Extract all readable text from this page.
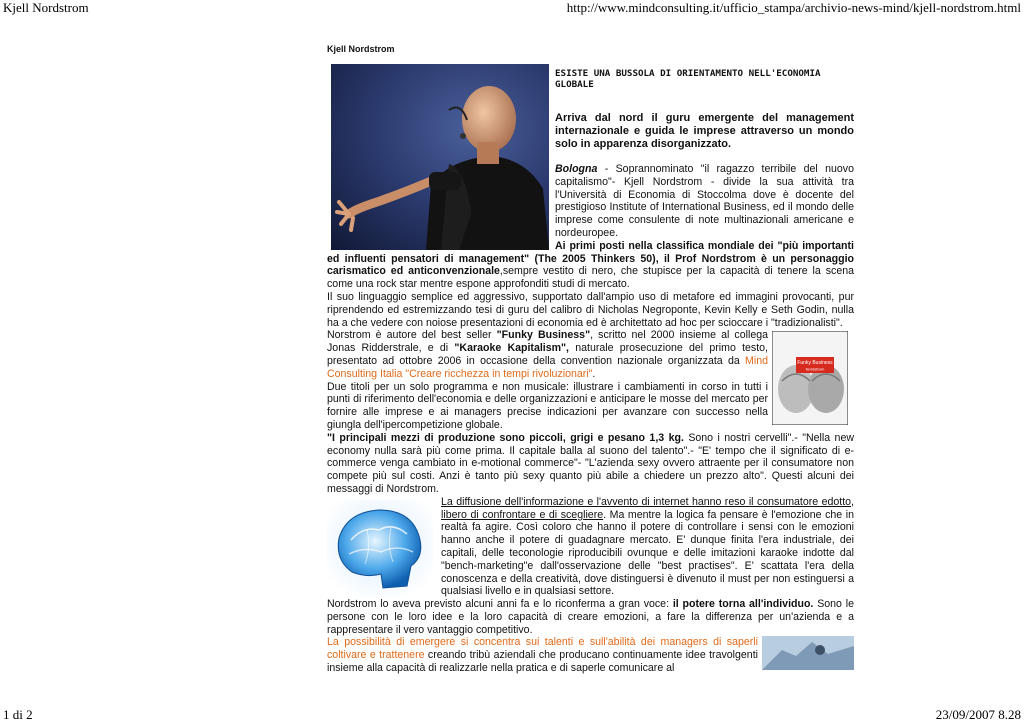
Kjell Nordstrom	http://www.mindconsulting.it/ufficio_stampa/archivio-news-mind/kjell-nordstrom.html
Kjell Nordstrom

ESISTE UNA BUSSOLA DI ORIENTAMENTO NELL'ECONOMIA GLOBALE

Arriva dal nord il guru emergente del management internazionale e guida le imprese attraverso un mondo solo in apparenza disorganizzato.

Bologna - Soprannominato "il ragazzo terribile del nuovo capitalismo"- Kjell Nordstrom - divide la sua attività tra l'Università di Economia di Stoccolma dove è docente del prestigioso Institute of International Business, ed il mondo delle imprese come consulente di note multinazionali americane e nordeuropee.

Ai primi posti nella classifica mondiale dei "più importanti ed influenti pensatori di management" (The 2005 Thinkers 50), il Prof Nordstrom è un personaggio carismatico ed anticonvenzionale,sempre vestito di nero, che stupisce per la capacità di tenere la scena come una rock star mentre espone approfonditi studi di mercato.

Il suo linguaggio semplice ed aggressivo, supportato dall'ampio uso di metafore ed immagini provocanti, pur riprendendo ed estremizzando tesi di guru del calibro di Nicholas Negroponte, Kevin Kelly e Seth Godin, nulla ha a che vedere con noiose presentazioni di economia ed è architettato ad hoc per scioccare i "tradizionalisti".

Funky Business
Nordstrom

Norstrom è autore del best seller "Funky Business", scritto nel 2000 insieme al collega Jonas Ridderstrale, e di "Karaoke Kapitalism", naturale prosecuzione del primo testo, presentato ad ottobre 2006 in occasione della convention nazionale organizzata da Mind Consulting Italia "Creare ricchezza in tempi rivoluzionari".

Due titoli per un solo programma e non musicale: illustrare i cambiamenti in corso in tutti i punti di riferimento dell'economia e delle organizzazioni e anticipare le mosse del mercato per fornire alle imprese e ai managers precise indicazioni per avanzare con successo nella giungla dell'ipercompetizione globale.

"I principali mezzi di produzione sono piccoli, grigi e pesano 1,3 kg. Sono i nostri cervelli".- "Nella new economy nulla sarà più come prima. Il capitale balla al suono del talento".- "E' tempo che il significato di e-commerce venga cambiato in e-motional commerce"- "L'azienda sexy ovvero attraente per il consumatore non compete più sul costi. Anzi è tanto più sexy quanto più abile a chiedere un prezzo alto". Questi alcuni dei messaggi di Nordstrom.

La diffusione dell'informazione e l'avvento di internet hanno reso il consumatore edotto, libero di confrontare e di scegliere. Ma mentre la logica fa pensare è l'emozione che in realtà fa agire. Così coloro che hanno il potere di controllare i sensi con le emozioni hanno anche il potere di guadagnare mercato. E' dunque finita l'era industriale, dei capitali, delle teconologie riproducibili ovunque e delle imitazioni karaoke indotte dal "bench-marketing"e dall'osservazione delle "best practises". E' scattata l'era della conoscenza e della creatività, dove distinguersi è divenuto il must per non estinguersi a qualsiasi livello e in qualsiasi settore.

Nordstrom lo aveva previsto alcuni anni fa e lo riconferma a gran voce: il potere torna all'individuo. Sono le persone con le loro idee e la loro capacità di creare emozioni, a fare la differenza per un'azienda e a rappresentare il vero vantaggio competitivo.

La possibilità di emergere si concentra sui talenti e sull'abilità dei managers di saperli coltivare e trattenere creando tribù aziendali che producano continuamente idee travolgenti insieme alla capacità di realizzarle nella pratica e di saperle comunicare al

1 di 2	23/09/2007 8.28
